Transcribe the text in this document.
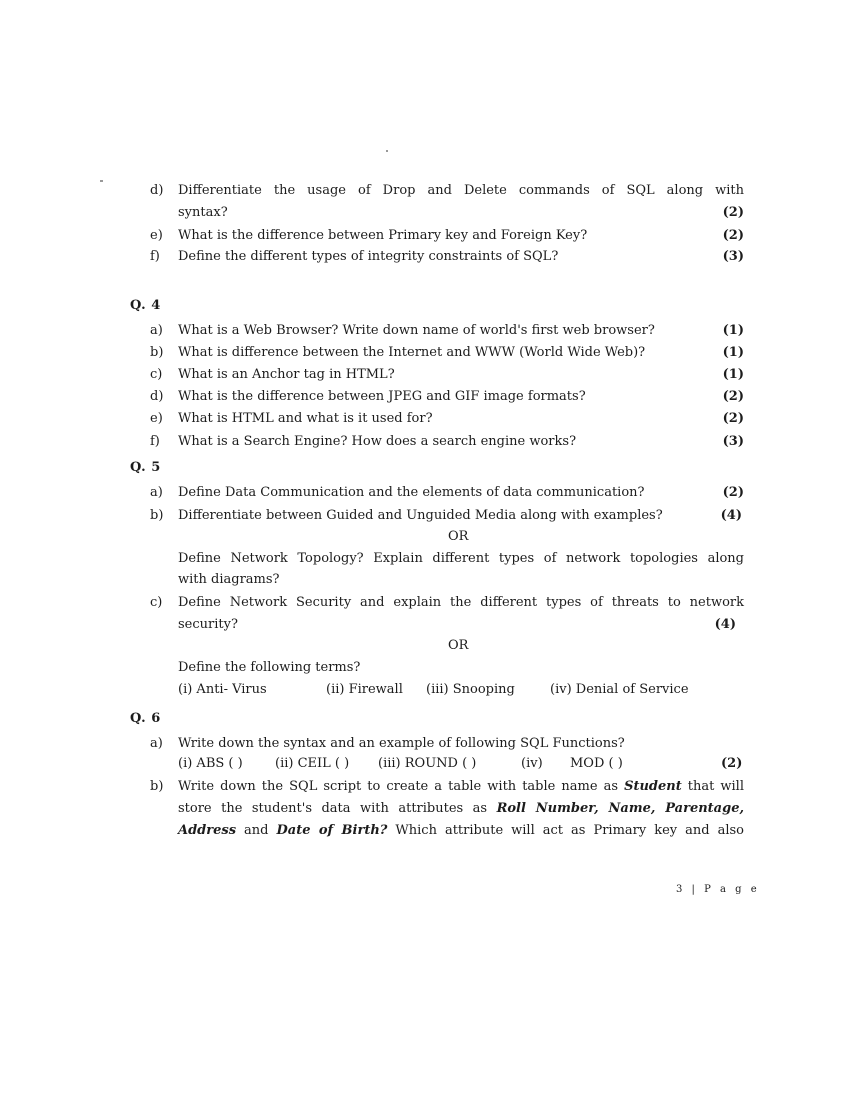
d) Differentiate the usage of Drop and Delete commands of SQL along with
syntax?	(2)
e) What is the difference between Primary key and Foreign Key?	(2)
f) Define the different types of integrity constraints of SQL?	(3)
Q. 4
a) What is a Web Browser? Write down name of world's first web browser?	(1)
b) What is difference between the Internet and WWW (World Wide Web)?	(1)
c) What is an Anchor tag in HTML?	(1)
d) What is the difference between JPEG and GIF image formats?	(2)
e) What is HTML and what is it used for?	(2)
f) What is a Search Engine? How does a search engine works?	(3)
Q. 5
a) Define Data Communication and the elements of data communication?	(2)
b) Differentiate between Guided and Unguided Media along with examples?	(4)
OR
Define Network Topology? Explain different types of network topologies along
with diagrams?
c) Define Network Security and explain the different types of threats to network
security?	(4)
OR
Define the following terms?
(i) Anti- Virus	(ii) Firewall (iii) Snooping	(iv) Denial of Service
Q. 6
a) Write down the syntax and an example of following SQL Functions?
(i) ABS ( ) (ii) CEIL ( ) (iii) ROUND ( )	(iv) MOD ( )	(2)
b) Write down the SQL script to create a table with table name as Student that will
store the student's data with attributes as Roll Number, Name, Parentage,
Address and Date of Birth? Which attribute will act as Primary key and also
3 | P a g e
